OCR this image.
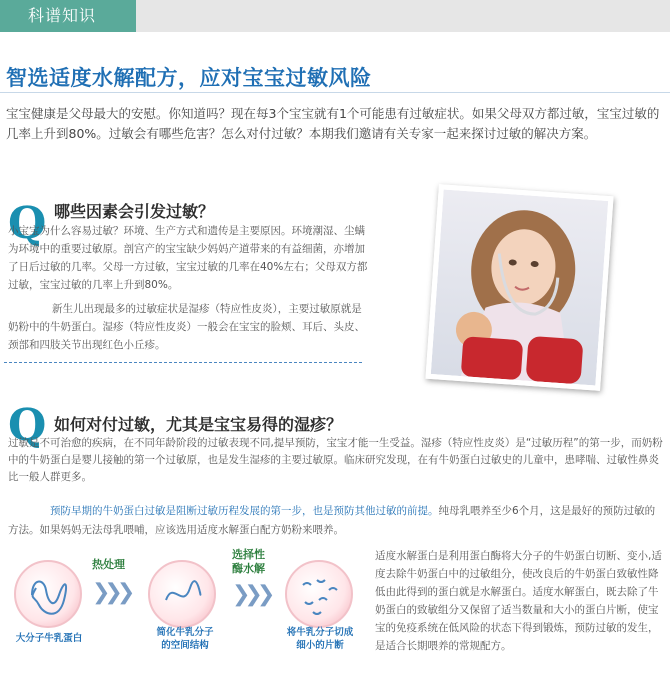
科谱知识
智选适度水解配方，应对宝宝过敏风险
宝宝健康是父母最大的安慰。你知道吗？现在每3个宝宝就有1个可能患有过敏症状。如果父母双方都过敏，宝宝过敏的几率上升到80%。过敏会有哪些危害？怎么对付过敏？本期我们邀请有关专家一起来探讨过敏的解决方案。
Q 哪些因素会引发过敏？
小宝宝为什么容易过敏？环境、生产方式和遗传是主要原因。环境潮湿、尘螨为环境中的重要过敏原。剖宫产的宝宝缺少妈妈产道带来的有益细菌，亦增加了日后过敏的几率。父母一方过敏，宝宝过敏的几率在40%左右；父母双方都过敏，宝宝过敏的几率上升到80%。
新生儿出现最多的过敏症状是湿疹（特应性皮炎），主要过敏原就是奶粉中的牛奶蛋白。湿疹（特应性皮炎）一般会在宝宝的脸颊、耳后、头皮、颈部和四肢关节出现红色小丘疹。
Q 如何对付过敏，尤其是宝宝易得的湿疹？
过敏是不可治愈的疾病，在不同年龄阶段的过敏表现不同,提早预防，宝宝才能一生受益。湿疹（特应性皮炎）是“过敏历程”的第一步，而奶粉中的牛奶蛋白是婴儿接触的第一个过敏原，也是发生湿疹的主要过敏原。临床研究发现，在有牛奶蛋白过敏史的儿童中，患哮喘、过敏性鼻炎比一般人群更多。
预防早期的牛奶蛋白过敏是阻断过敏历程发展的第一步，也是预防其他过敏的前提。纯母乳喂养至少6个月，这是最好的预防过敏的方法。如果妈妈无法母乳喂哺，应该选用适度水解蛋白配方奶粉来喂养。
热处理
❯❯❯
选择性
酶水解
❯❯❯
大分子牛乳蛋白
简化牛乳分子
的空间结构
将牛乳分子切成
细小的片断
适度水解蛋白是利用蛋白酶将大分子的牛奶蛋白切断、变小,适度去除牛奶蛋白中的过敏组分，使改良后的牛奶蛋白致敏性降低由此得到的蛋白就是水解蛋白。适度水解蛋白，既去除了牛奶蛋白的致敏组分又保留了适当数量和大小的蛋白片断，使宝宝的免疫系统在低风险的状态下得到锻炼，预防过敏的发生，是适合长期喂养的常规配方。
